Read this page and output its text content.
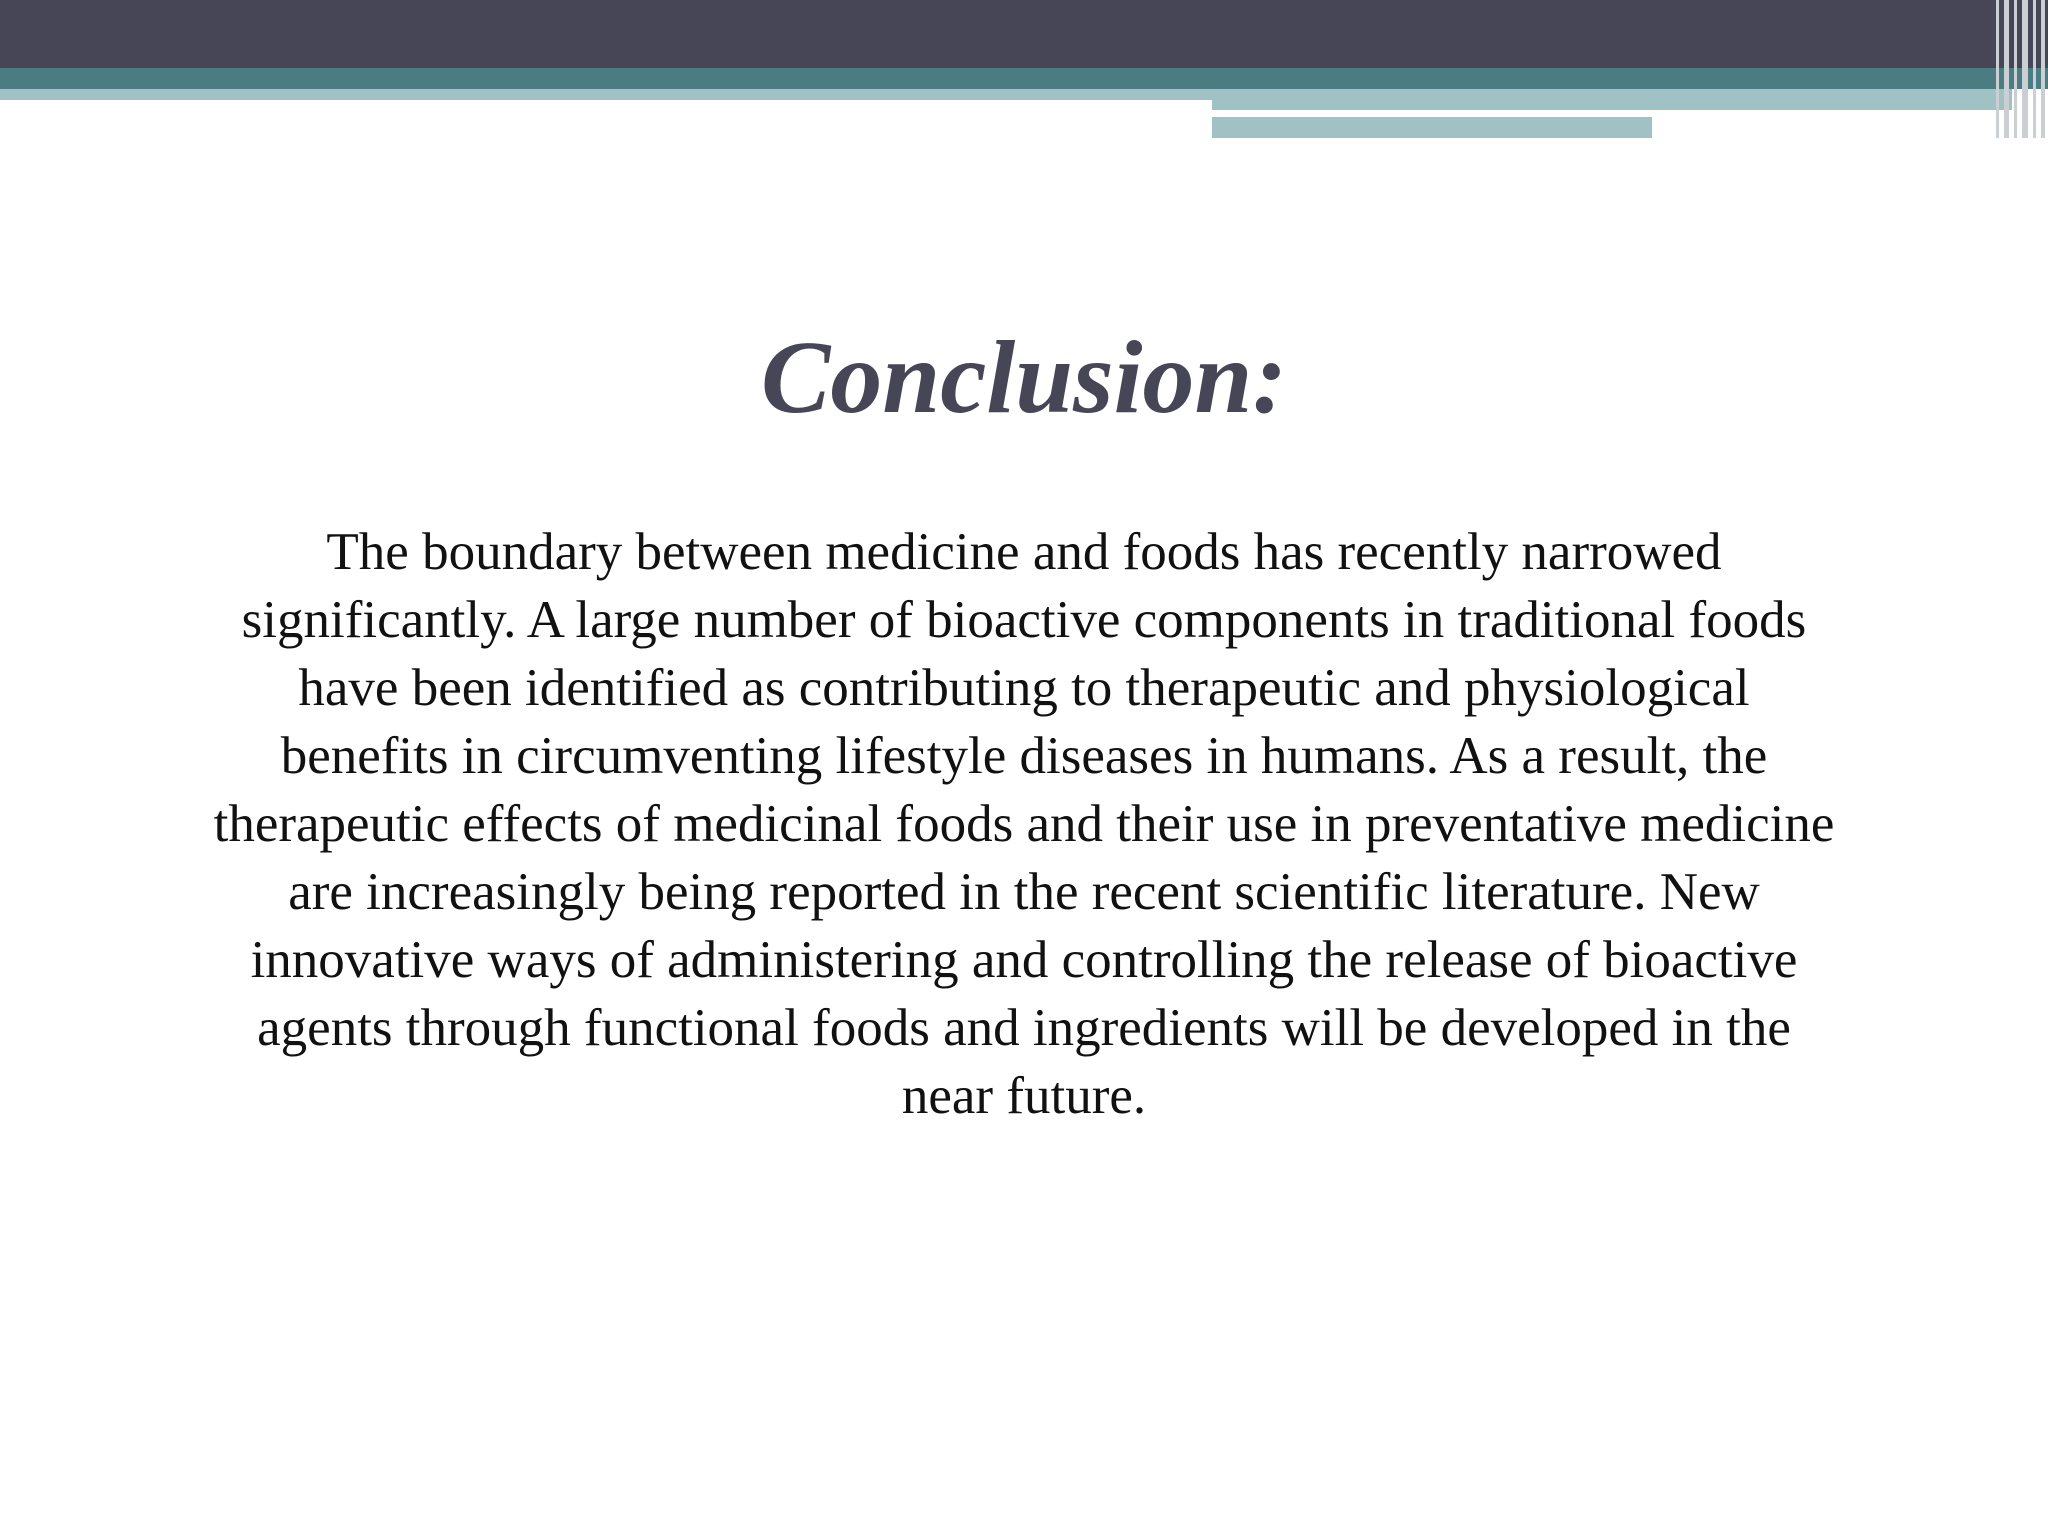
Conclusion:

The boundary between medicine and foods has recently narrowed significantly. A large number of bioactive components in traditional foods have been identified as contributing to therapeutic and physiological benefits in circumventing lifestyle diseases in humans. As a result, the therapeutic effects of medicinal foods and their use in preventative medicine are increasingly being reported in the recent scientific literature. New innovative ways of administering and controlling the release of bioactive agents through functional foods and ingredients will be developed in the near future.
